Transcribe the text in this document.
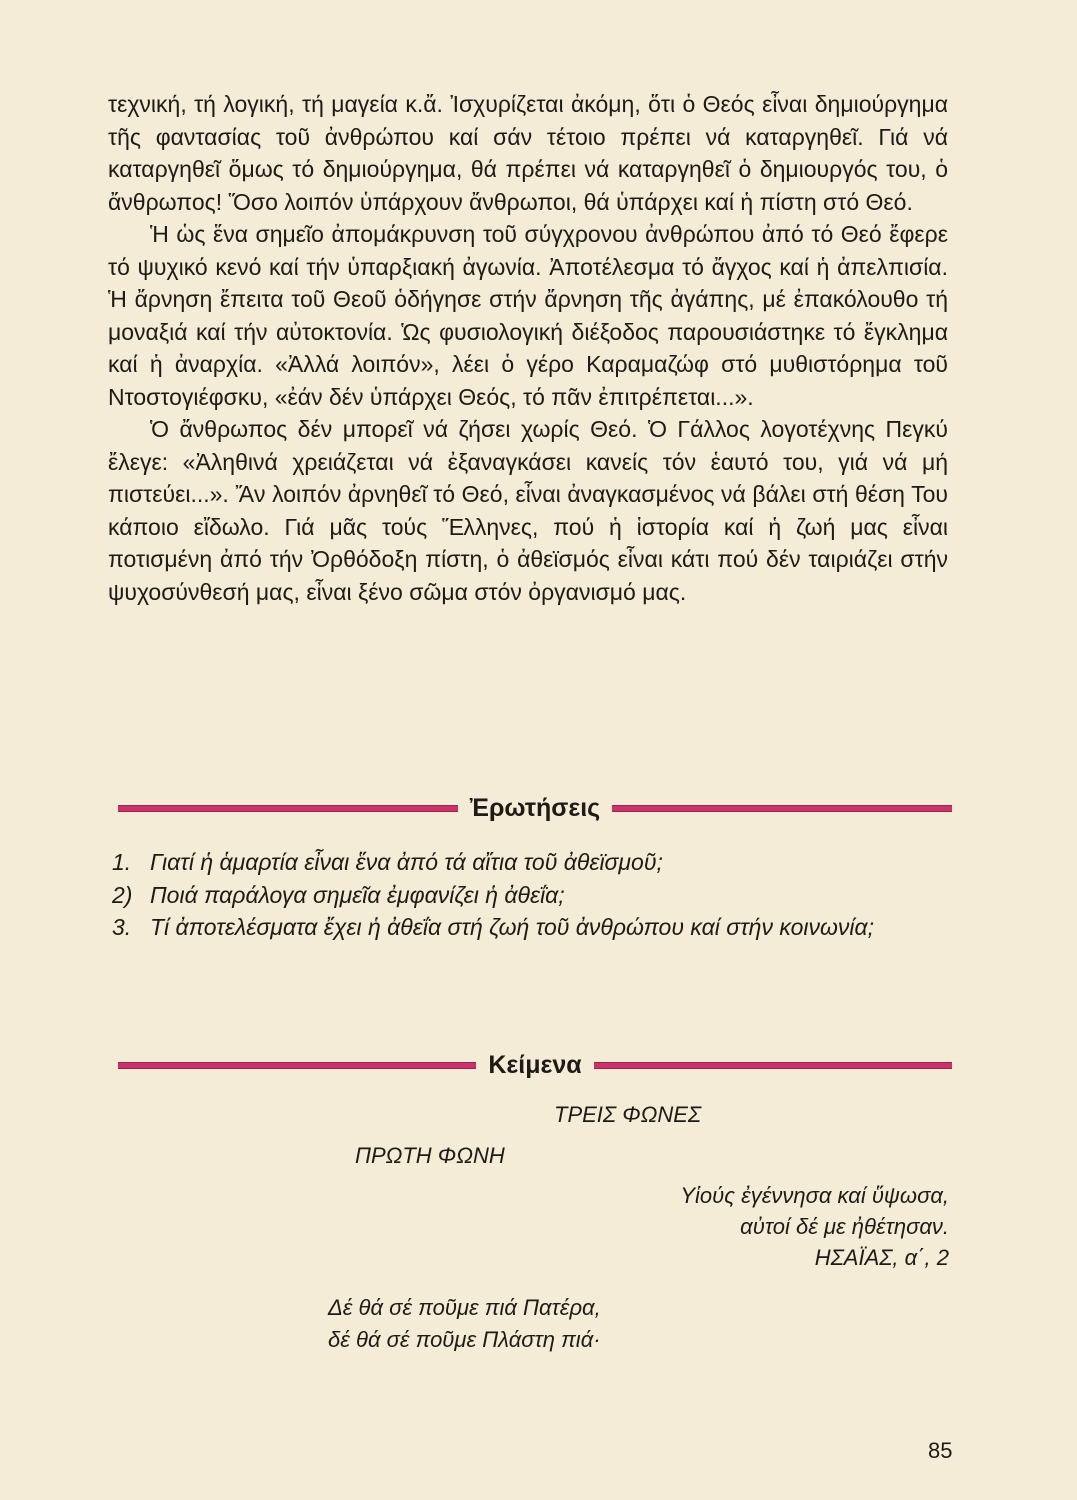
τεχνική, τή λογική, τή μαγεία κ.ἄ. Ἰσχυρίζεται ἀκόμη, ὅτι ὁ Θεός εἶναι δημιούργημα τῆς φαντασίας τοῦ ἀνθρώπου καί σάν τέτοιο πρέπει νά καταργηθεῖ. Γιά νά καταργηθεῖ ὅμως τό δημιούργημα, θά πρέπει νά καταργηθεῖ ὁ δημιουργός του, ὁ ἄνθρωπος! Ὅσο λοιπόν ὑπάρχουν ἄνθρωποι, θά ὑπάρχει καί ἡ πίστη στό Θεό.

Ἡ ὡς ἕνα σημεῖο ἀπομάκρυνση τοῦ σύγχρονου ἀνθρώπου ἀπό τό Θεό ἔφερε τό ψυχικό κενό καί τήν ὑπαρξιακή ἀγωνία. Ἀποτέλεσμα τό ἄγχος καί ἡ ἀπελπισία. Ἡ ἄρνηση ἔπειτα τοῦ Θεοῦ ὁδήγησε στήν ἄρνηση τῆς ἀγάπης, μέ ἐπακόλουθο τή μοναξιά καί τήν αὐτοκτονία. Ὡς φυσιολογική διέξοδος παρουσιάστηκε τό ἔγκλημα καί ἡ ἀναρχία. «Ἀλλά λοιπόν», λέει ὁ γέρο Καραμαζώφ στό μυθιστόρημα τοῦ Ντοστογιέφσκυ, «ἐάν δέν ὑπάρχει Θεός, τό πᾶν ἐπιτρέπεται...».

Ὁ ἄνθρωπος δέν μπορεῖ νά ζήσει χωρίς Θεό. Ὁ Γάλλος λογοτέχνης Πεγκύ ἔλεγε: «Ἀληθινά χρειάζεται νά ἐξαναγκάσει κανείς τόν ἑαυτό του, γιά νά μή πιστεύει...». Ἄν λοιπόν ἀρνηθεῖ τό Θεό, εἶναι ἀναγκασμένος νά βάλει στή θέση Του κάποιο εἴδωλο. Γιά μᾶς τούς Ἕλληνες, πού ἡ ἱστορία καί ἡ ζωή μας εἶναι ποτισμένη ἀπό τήν Ὀρθόδοξη πίστη, ὁ ἀθεϊσμός εἶναι κάτι πού δέν ταιριάζει στήν ψυχοσύνθεσή μας, εἶναι ξένο σῶμα στόν ὀργανισμό μας.

Ἐρωτήσεις
1. Γιατί ἡ ἁμαρτία εἶναι ἕνα ἀπό τά αἴτια τοῦ ἀθεϊσμοῦ;
2) Ποιά παράλογα σημεῖα ἐμφανίζει ἡ ἀθεΐα;
3. Τί ἀποτελέσματα ἔχει ἡ ἀθεΐα στή ζωή τοῦ ἀνθρώπου καί στήν κοινωνία;
Κείμενα
ΤΡΕΙΣ ΦΩΝΕΣ
ΠΡΩΤΗ ΦΩΝΗ
Υἱούς ἐγέννησα καί ὕψωσα,
αὐτοί δέ με ἠθέτησαν.
ΗΣΑΪΑΣ, α΄, 2
Δέ θά σέ ποῦμε πιά Πατέρα,
δέ θά σέ ποῦμε Πλάστη πιά·
85
